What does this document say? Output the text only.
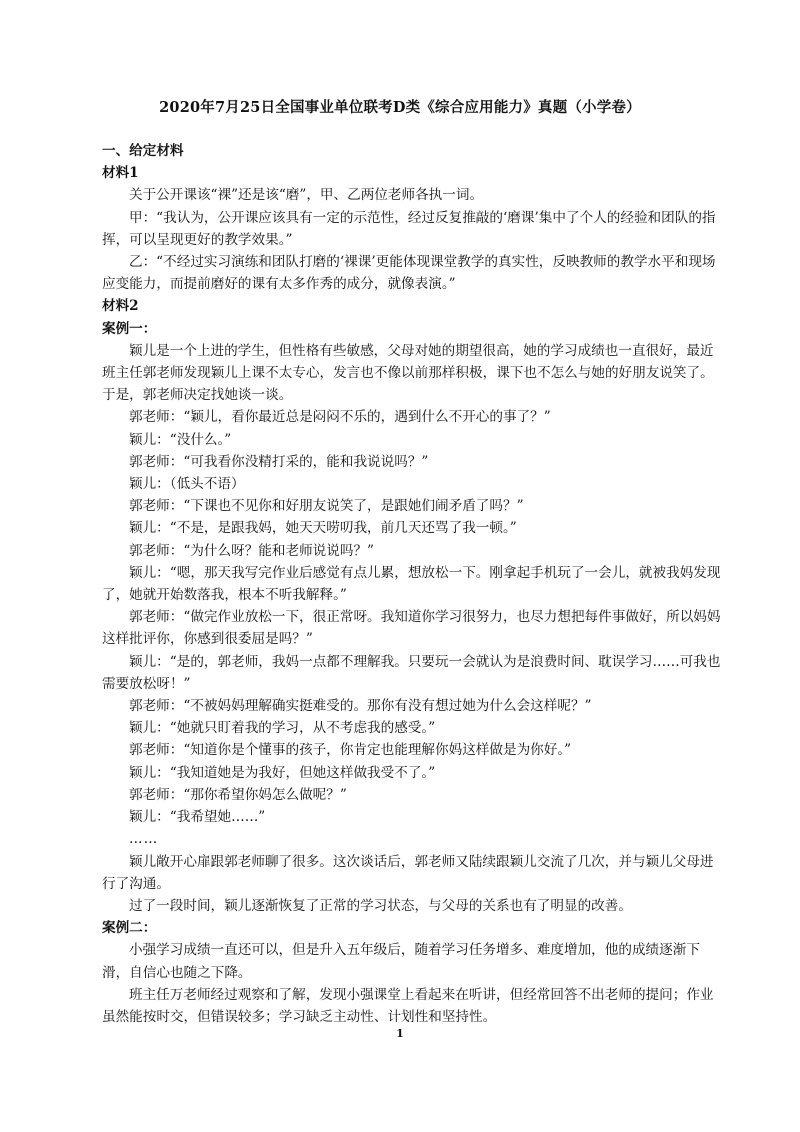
2020年7月25日全国事业单位联考D类《综合应用能力》真题（小学卷）
一、给定材料
材料1
关于公开课该“裸”还是该“磨”，甲、乙两位老师各执一词。
甲：“我认为，公开课应该具有一定的示范性，经过反复推敲的‘磨课’集中了个人的经验和团队的指挥，可以呈现更好的教学效果。”
乙：“不经过实习演练和团队打磨的‘裸课’更能体现课堂教学的真实性，反映教师的教学水平和现场应变能力，而提前磨好的课有太多作秀的成分，就像表演。”
材料2
案例一：
颖儿是一个上进的学生，但性格有些敏感，父母对她的期望很高，她的学习成绩也一直很好，最近班主任郭老师发现颖儿上课不太专心，发言也不像以前那样积极，课下也不怎么与她的好朋友说笑了。于是，郭老师决定找她谈一谈。
郭老师：“颖儿，看你最近总是闷闷不乐的，遇到什么不开心的事了？”
颖儿：“没什么。”
郭老师：“可我看你没精打采的，能和我说说吗？”
颖儿：（低头不语）
郭老师：“下课也不见你和好朋友说笑了，是跟她们闹矛盾了吗？”
颖儿：“不是，是跟我妈，她天天唠叨我，前几天还骂了我一顿。”
郭老师：“为什么呀？能和老师说说吗？”
颖儿：“嗯，那天我写完作业后感觉有点儿累，想放松一下。刚拿起手机玩了一会儿，就被我妈发现了，她就开始数落我，根本不听我解释。”
郭老师：“做完作业放松一下，很正常呀。我知道你学习很努力，也尽力想把每件事做好，所以妈妈这样批评你，你感到很委屈是吗？”
颖儿：“是的，郭老师，我妈一点都不理解我。只要玩一会就认为是浪费时间、耽误学习……可我也需要放松呀！”
郭老师：“不被妈妈理解确实挺难受的。那你有没有想过她为什么会这样呢？”
颖儿：“她就只盯着我的学习，从不考虑我的感受。”
郭老师：“知道你是个懂事的孩子，你肯定也能理解你妈这样做是为你好。”
颖儿：“我知道她是为我好，但她这样做我受不了。”
郭老师：“那你希望你妈怎么做呢？”
颖儿：“我希望她……”
……
颖儿敞开心扉跟郭老师聊了很多。这次谈话后，郭老师又陆续跟颖儿交流了几次，并与颖儿父母进行了沟通。
过了一段时间，颖儿逐渐恢复了正常的学习状态，与父母的关系也有了明显的改善。
案例二：
小强学习成绩一直还可以，但是升入五年级后，随着学习任务增多、难度增加，他的成绩逐渐下滑，自信心也随之下降。
班主任万老师经过观察和了解，发现小强课堂上看起来在听讲，但经常回答不出老师的提问；作业虽然能按时交，但错误较多；学习缺乏主动性、计划性和坚持性。
1
